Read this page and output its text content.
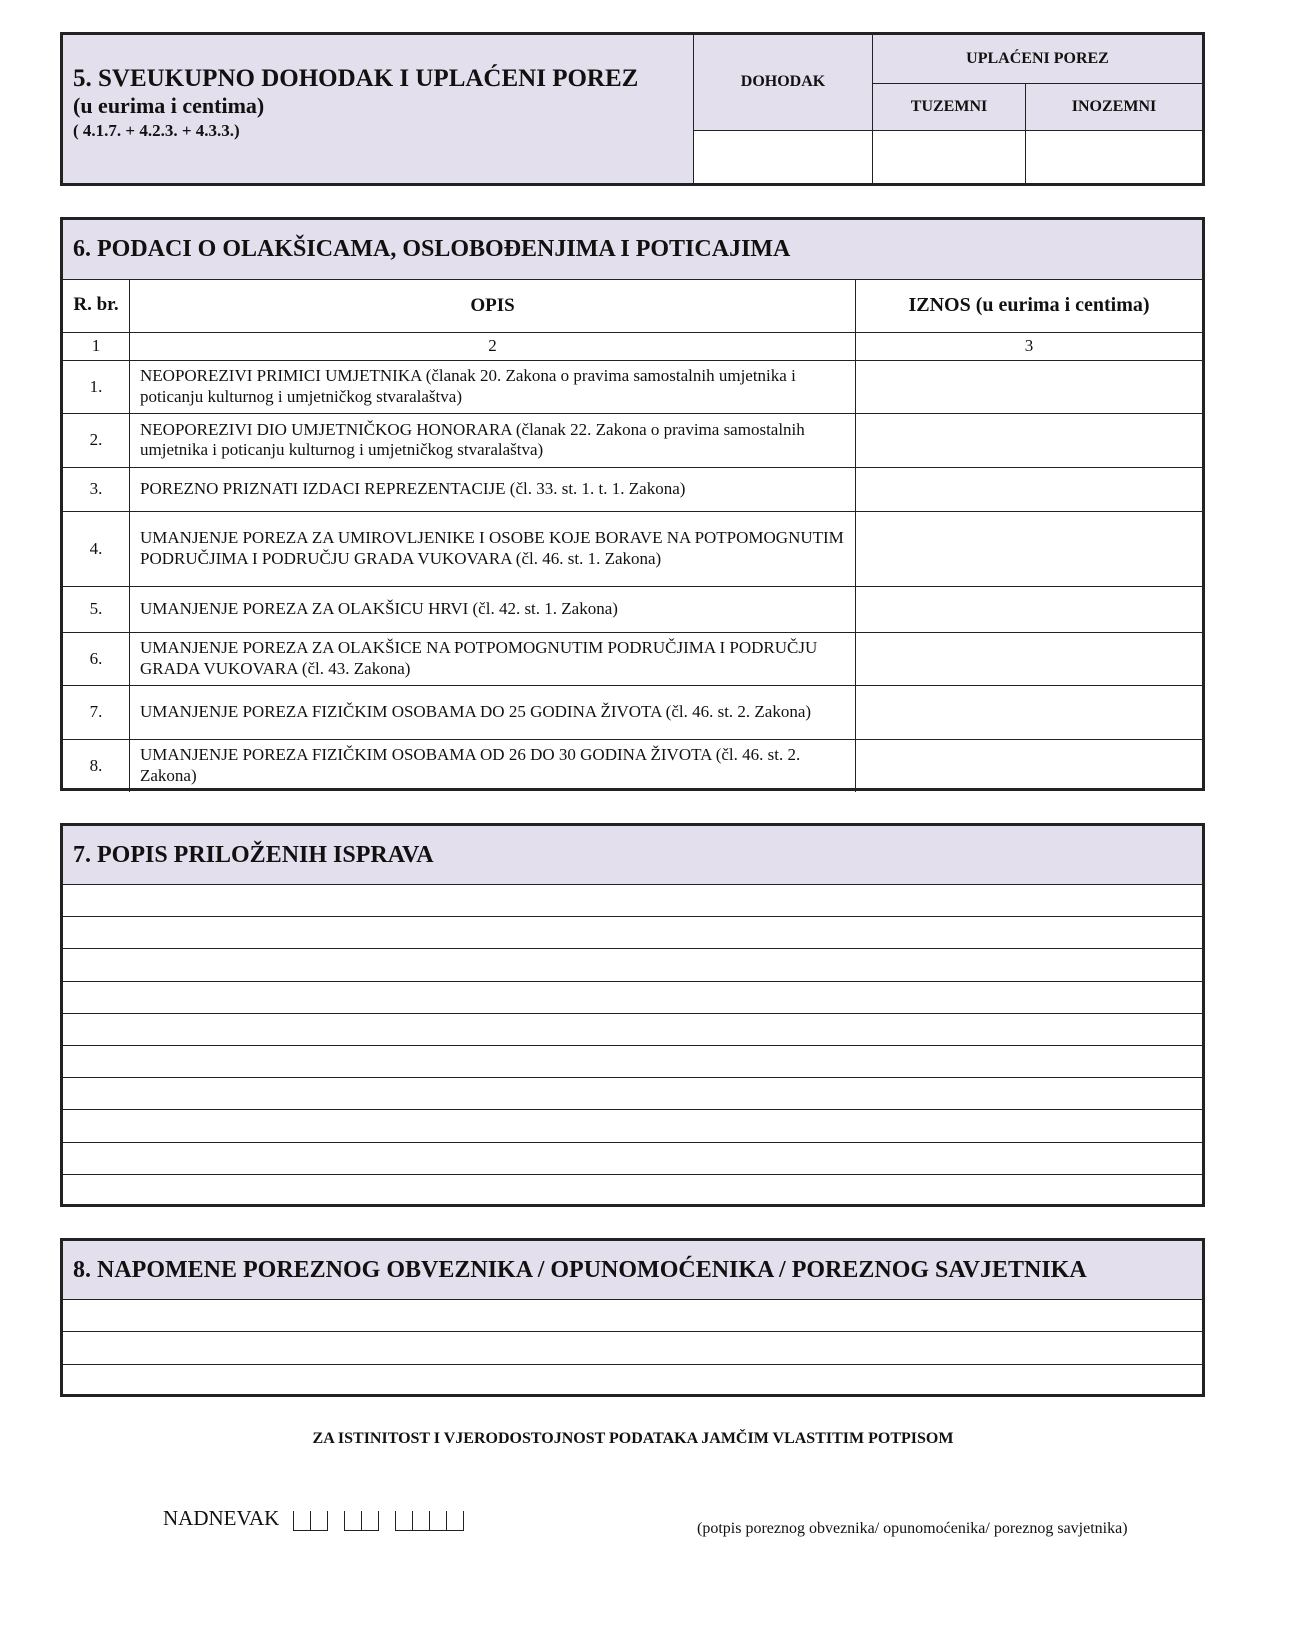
5. SVEUKUPNO DOHODAK I UPLAĆENI POREZ
(u eurima i centima)
( 4.1.7. + 4.2.3. + 4.3.3.)	DOHODAK	UPLAĆENI POREZ	
		TUZEMNI	INOZEMNI

6. PODACI O OLAKŠICAMA, OSLOBOĐENJIMA I POTICAJIMA
R. br.	OPIS	IZNOS (u eurima i centima)
1	2	3
1.	NEOPOREZIVI PRIMICI UMJETNIKA (članak 20. Zakona o pravima samostalnih umjetnika i poticanju kulturnog i umjetničkog stvaralaštva)	
2.	NEOPOREZIVI DIO UMJETNIČKOG HONORARA (članak 22. Zakona o pravima samostalnih umjetnika i poticanju kulturnog i umjetničkog stvaralaštva)	
3.	POREZNO PRIZNATI IZDACI REPREZENTACIJE (čl. 33. st. 1. t. 1. Zakona)	
4.	UMANJENJE POREZA ZA UMIROVLJENIKE I OSOBE KOJE BORAVE NA POTPOMOGNUTIM PODRUČJIMA I PODRUČJU GRADA VUKOVARA (čl. 46. st. 1. Zakona)	
5.	UMANJENJE POREZA ZA OLAKŠICU HRVI (čl. 42. st. 1. Zakona)	
6.	UMANJENJE POREZA ZA OLAKŠICE NA POTPOMOGNUTIM PODRUČJIMA I PODRUČJU GRADA VUKOVARA (čl. 43. Zakona)	
7.	UMANJENJE POREZA FIZIČKIM OSOBAMA DO 25 GODINA ŽIVOTA (čl. 46. st. 2. Zakona)	
8.	UMANJENJE POREZA FIZIČKIM OSOBAMA OD 26 DO 30 GODINA ŽIVOTA (čl. 46. st. 2. Zakona)	
7. POPIS PRILOŽENIH ISPRAVA
8. NAPOMENE POREZNOG OBVEZNIKA / OPUNOMOĆENIKA / POREZNOG SAVJETNIKA
ZA ISTINITOST I VJERODOSTOJNOST PODATAKA JAMČIM VLASTITIM POTPISOM
NADNEVAK	(potpis poreznog obveznika/ opunomoćenika/ poreznog savjetnika)
